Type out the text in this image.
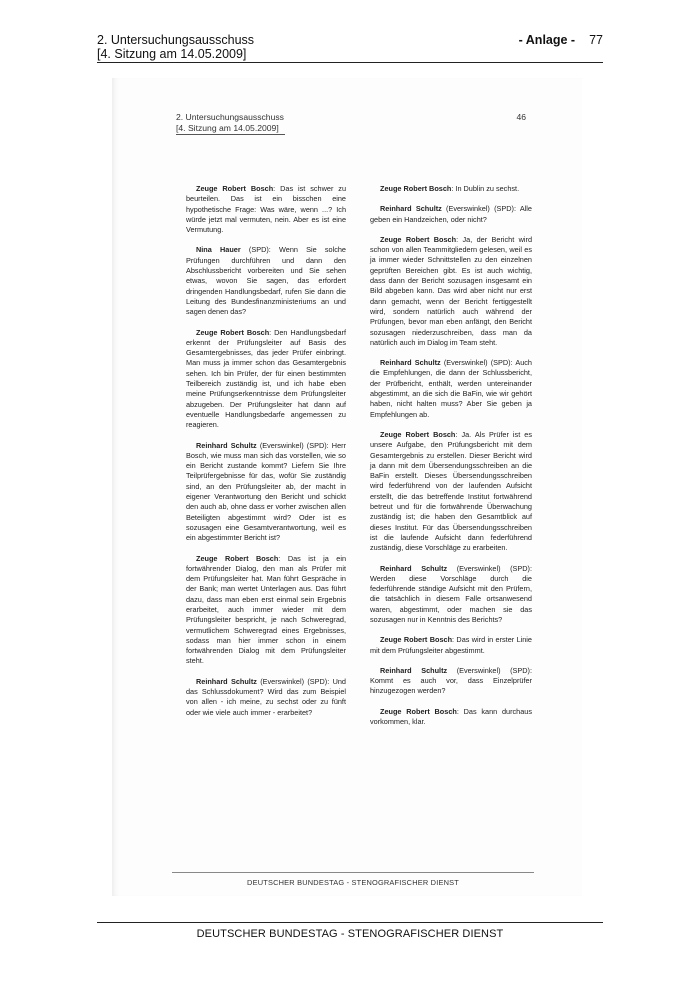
2. Untersuchungsausschuss	- Anlage - 77
[4. Sitzung am 14.05.2009]
2. Untersuchungsausschuss
[4. Sitzung am 14.05.2009]
46

Zeuge Robert Bosch: Das ist schwer zu beurteilen. Das ist ein bisschen eine hypothetische Frage: Was wäre, wenn ...? Ich würde jetzt mal vermuten, nein. Aber es ist eine Vermutung.

Nina Hauer (SPD): Wenn Sie solche Prüfungen durchführen und dann den Abschlussbericht vorbereiten und Sie sehen etwas, wovon Sie sagen, das erfordert dringenden Handlungsbedarf, rufen Sie dann die Leitung des Bundesfinanzministeriums an und sagen denen das?

Zeuge Robert Bosch: Den Handlungsbedarf erkennt der Prüfungsleiter auf Basis des Gesamtergebnisses, das jeder Prüfer einbringt. Man muss ja immer schon das Gesamtergebnis sehen. Ich bin Prüfer, der für einen bestimmten Teilbereich zuständig ist, und ich habe eben meine Prüfungserkenntnisse dem Prüfungsleiter abzugeben. Der Prüfungsleiter hat dann auf eventuelle Handlungsbedarfe angemessen zu reagieren.

Reinhard Schultz (Everswinkel) (SPD): Herr Bosch, wie muss man sich das vorstellen, wie so ein Bericht zustande kommt? Liefern Sie Ihre Teilprüfergebnisse für das, wofür Sie zuständig sind, an den Prüfungsleiter ab, der macht in eigener Verantwortung den Bericht und schickt den auch ab, ohne dass er vorher zwischen allen Beteiligten abgestimmt wird? Oder ist es sozusagen eine Gesamtverantwortung, weil es ein abgestimmter Bericht ist?

Zeuge Robert Bosch: Das ist ja ein fortwährender Dialog, den man als Prüfer mit dem Prüfungsleiter hat. Man führt Gespräche in der Bank; man wertet Unterlagen aus. Das führt dazu, dass man eben erst einmal sein Ergebnis erarbeitet, auch immer wieder mit dem Prüfungsleiter bespricht, je nach Schweregrad, vermutlichem Schweregrad eines Ergebnisses, sodass man hier immer schon in einem fortwährenden Dialog mit dem Prüfungsleiter steht.

Reinhard Schultz (Everswinkel) (SPD): Und das Schlussdokument? Wird das zum Beispiel von allen - ich meine, zu sechst oder zu fünft oder wie viele auch immer - erarbeitet?

Zeuge Robert Bosch: In Dublin zu sechst.

Reinhard Schultz (Everswinkel) (SPD): Alle geben ein Handzeichen, oder nicht?

Zeuge Robert Bosch: Ja, der Bericht wird schon von allen Teammitgliedern gelesen, weil es ja immer wieder Schnittstellen zu den einzelnen geprüften Bereichen gibt. Es ist auch wichtig, dass dann der Bericht sozusagen insgesamt ein Bild abgeben kann. Das wird aber nicht nur erst dann gemacht, wenn der Bericht fertiggestellt wird, sondern natürlich auch während der Prüfungen, bevor man eben anfängt, den Bericht sozusagen niederzuschreiben, dass man da natürlich auch im Dialog im Team steht.

Reinhard Schultz (Everswinkel) (SPD): Auch die Empfehlungen, die dann der Schlussbericht, der Prüfbericht, enthält, werden untereinander abgestimmt, an die sich die BaFin, wie wir gehört haben, nicht halten muss? Aber Sie geben ja Empfehlungen ab.

Zeuge Robert Bosch: Ja. Als Prüfer ist es unsere Aufgabe, den Prüfungsbericht mit dem Gesamtergebnis zu erstellen. Dieser Bericht wird ja dann mit dem Übersendungsschreiben an die BaFin erstellt. Dieses Übersendungsschreiben wird federführend von der laufenden Aufsicht erstellt, die das betreffende Institut fortwährend betreut und für die fortwährende Überwachung zuständig ist; die haben den Gesamtblick auf dieses Institut. Für das Übersendungsschreiben ist die laufende Aufsicht dann federführend zuständig, diese Vorschläge zu erarbeiten.

Reinhard Schultz (Everswinkel) (SPD): Werden diese Vorschläge durch die federführende ständige Aufsicht mit den Prüfern, die tatsächlich in diesem Falle ortsanwesend waren, abgestimmt, oder machen sie das sozusagen nur in Kenntnis des Berichts?

Zeuge Robert Bosch: Das wird in erster Linie mit dem Prüfungsleiter abgestimmt.

Reinhard Schultz (Everswinkel) (SPD): Kommt es auch vor, dass Einzelprüfer hinzugezogen werden?

Zeuge Robert Bosch: Das kann durchaus vorkommen, klar.

DEUTSCHER BUNDESTAG - STENOGRAFISCHER DIENST
DEUTSCHER BUNDESTAG - STENOGRAFISCHER DIENST
